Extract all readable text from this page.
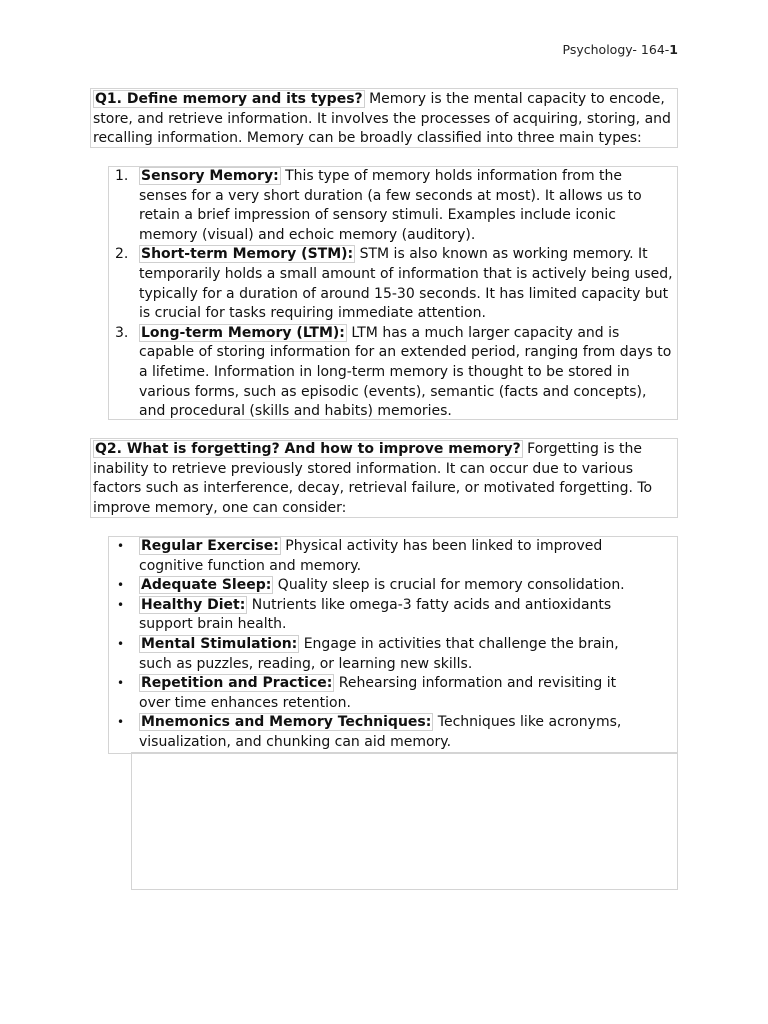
Psychology- 164-1

Q1. Define memory and its types? Memory is the mental capacity to encode, store, and retrieve information. It involves the processes of acquiring, storing, and recalling information. Memory can be broadly classified into three main types:

1. Sensory Memory: This type of memory holds information from the senses for a very short duration (a few seconds at most). It allows us to retain a brief impression of sensory stimuli. Examples include iconic memory (visual) and echoic memory (auditory).
2. Short-term Memory (STM): STM is also known as working memory. It temporarily holds a small amount of information that is actively being used, typically for a duration of around 15-30 seconds. It has limited capacity but is crucial for tasks requiring immediate attention.
3. Long-term Memory (LTM): LTM has a much larger capacity and is capable of storing information for an extended period, ranging from days to a lifetime. Information in long-term memory is thought to be stored in various forms, such as episodic (events), semantic (facts and concepts), and procedural (skills and habits) memories.

Q2. What is forgetting? And how to improve memory? Forgetting is the inability to retrieve previously stored information. It can occur due to various factors such as interference, decay, retrieval failure, or motivated forgetting. To improve memory, one can consider:

• Regular Exercise: Physical activity has been linked to improved cognitive function and memory.
• Adequate Sleep: Quality sleep is crucial for memory consolidation.
• Healthy Diet: Nutrients like omega-3 fatty acids and antioxidants support brain health.
• Mental Stimulation: Engage in activities that challenge the brain, such as puzzles, reading, or learning new skills.
• Repetition and Practice: Rehearsing information and revisiting it over time enhances retention.
• Mnemonics and Memory Techniques: Techniques like acronyms, visualization, and chunking can aid memory.
